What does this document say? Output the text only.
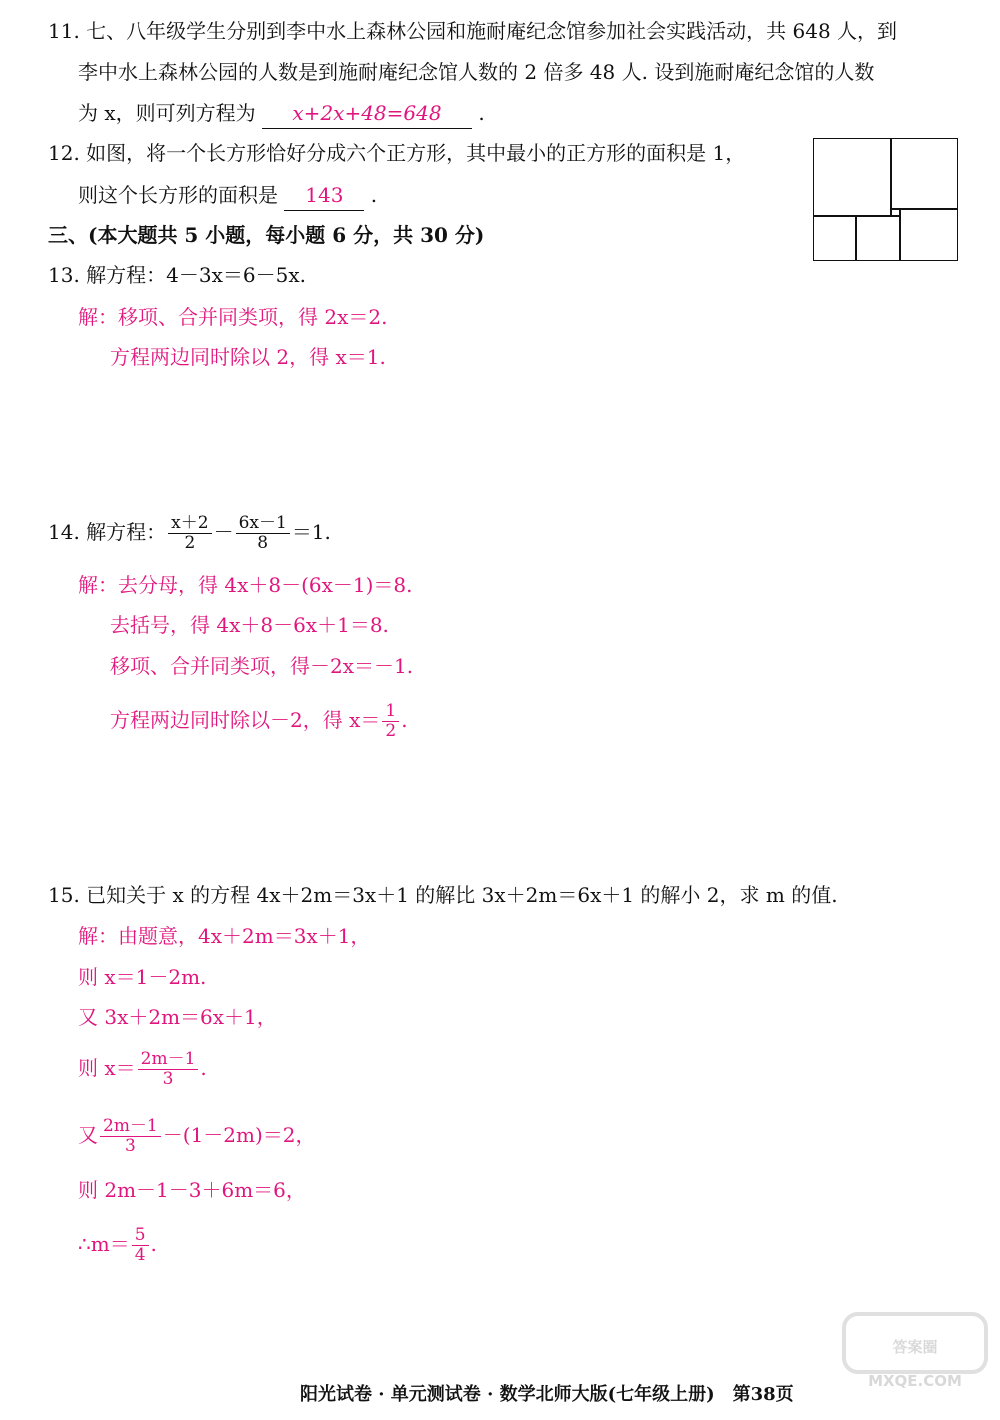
11. 七、八年级学生分别到李中水上森林公园和施耐庵纪念馆参加社会实践活动，共 648 人，到
李中水上森林公园的人数是到施耐庵纪念馆人数的 2 倍多 48 人. 设到施耐庵纪念馆的人数
为 x，则可列方程为 x+2x+48=648 .
12. 如图，将一个长方形恰好分成六个正方形，其中最小的正方形的面积是 1，
则这个长方形的面积是 143 .
三、(本大题共 5 小题，每小题 6 分，共 30 分)
13. 解方程：4－3x＝6－5x.
解：移项、合并同类项，得 2x＝2.
方程两边同时除以 2，得 x＝1.
14. 解方程： $\frac{x+2}{2} - \frac{6x-1}{8} =1$.
解：去分母，得 4x＋8－(6x－1)＝8.
去括号，得 4x＋8－6x＋1＝8.
移项、合并同类项，得－2x＝－1.
方程两边同时除以－2，得 $x= \frac{1}{2}$ .
15. 已知关于 x 的方程 4x＋2m＝3x＋1 的解比 3x＋2m＝6x＋1 的解小 2，求 m 的值.
解：由题意，4x＋2m＝3x＋1，
则 x＝1－2m.
又 3x＋2m＝6x＋1，
则 $x= \frac{2m-1}{3}$ .
又 $\frac{2m-1}{3} -(1-2m)=2$，
则 2m－1－3＋6m＝6，
∴m＝ $\frac{5}{4}$ .
答案圈 MXQE.COM
阳光试卷 · 单元测试卷 · 数学北师大版(七年级上册)　第38页
